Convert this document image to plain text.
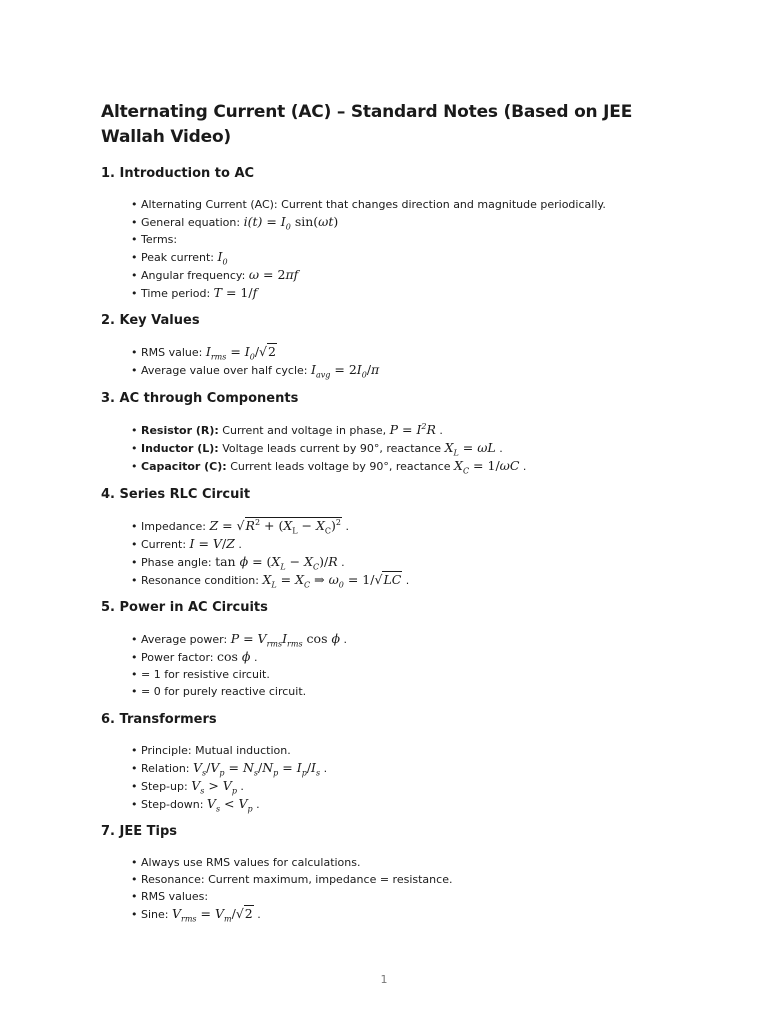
Alternating Current (AC) – Standard Notes (Based on JEE Wallah Video)
1. Introduction to AC
• Alternating Current (AC): Current that changes direction and magnitude periodically.
• General equation: $i(t) = I_0$ sin(ωt)
• Terms:
• Peak current: $I_0$
• Angular frequency: ω = 2πf
• Time period: T = 1/f
2. Key Values
• RMS value: $I_{rms} = I_0/√2$
• Average value over half cycle: $I_{avg} = 2I_0/\pi$
3. AC through Components
• Resistor (R): Current and voltage in phase, $P = I^2R$ .
• Inductor (L): Voltage leads current by 90°, reactance $X_L = \omega L$ .
• Capacitor (C): Current leads voltage by 90°, reactance $X_C = 1/\omega C$ .
4. Series RLC Circuit
• Impedance: $Z = √R^2 + (X_L - X_C)^2$ .
• Current: I = V/Z .
• Phase angle: $\tan \phi = (X_L - X_C)/R$ .
• Resonance condition: $X_L = X_C$ ⇒ $\omega_0 = 1/√LC$ .
5. Power in AC Circuits
• Average power: $P = V_{rms}I_{rms}$ cos ϕ .
• Power factor: cos ϕ .
• = 1 for resistive circuit.
• = 0 for purely reactive circuit.
6. Transformers
• Principle: Mutual induction.
• Relation: $V_s/V_p = N_s/N_p = I_p/I_s$ .
• Step-up: $V_s > V_p$ .
• Step-down: $V_s < V_p$ .
7. JEE Tips
• Always use RMS values for calculations.
• Resonance: Current maximum, impedance = resistance.
• RMS values:
• Sine: $V_{rms} = V_m/√2$ .
1
